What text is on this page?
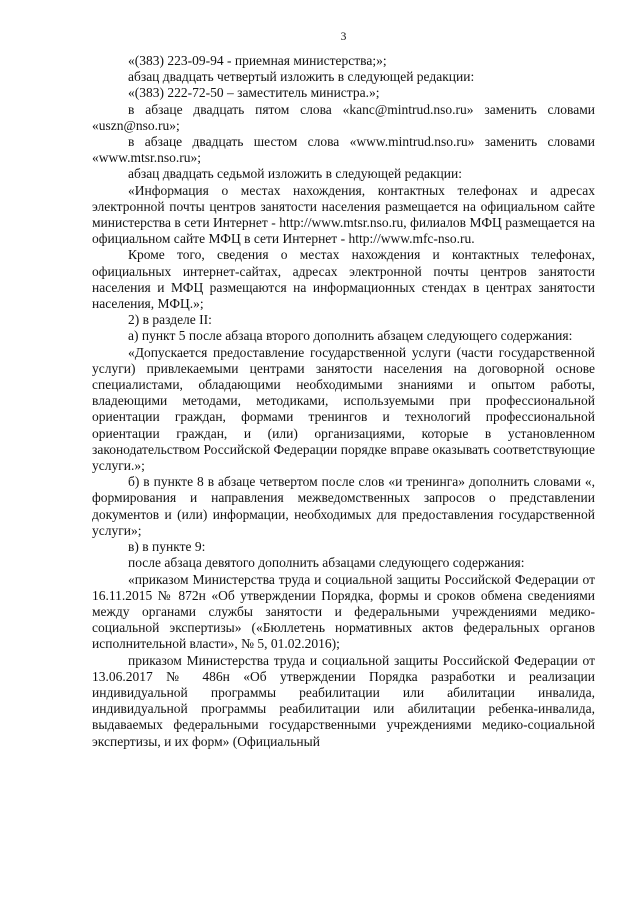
3

«(383) 223-09-94 - приемная министерства;»;

абзац двадцать четвертый изложить в следующей редакции:

«(383) 222-72-50 – заместитель министра.»;

в абзаце двадцать пятом слова «kanc@mintrud.nso.ru» заменить словами «uszn@nso.ru»;

в абзаце двадцать шестом слова «www.mintrud.nso.ru» заменить словами «www.mtsr.nso.ru»;

абзац двадцать седьмой изложить в следующей редакции:

«Информация о местах нахождения, контактных телефонах и адресах электронной почты центров занятости населения размещается на официальном сайте министерства в сети Интернет - http://www.mtsr.nso.ru, филиалов МФЦ размещается на официальном сайте МФЦ в сети Интернет - http://www.mfc-nso.ru.

Кроме того, сведения о местах нахождения и контактных телефонах, официальных интернет-сайтах, адресах электронной почты центров занятости населения и МФЦ размещаются на информационных стендах в центрах занятости населения, МФЦ.»;

2) в разделе II:

а) пункт 5 после абзаца второго дополнить абзацем следующего содержания:

«Допускается предоставление государственной услуги (части государственной услуги) привлекаемыми центрами занятости населения на договорной основе специалистами, обладающими необходимыми знаниями и опытом работы, владеющими методами, методиками, используемыми при профессиональной ориентации граждан, формами тренингов и технологий профессиональной ориентации граждан, и (или) организациями, которые в установленном законодательством Российской Федерации порядке вправе оказывать соответствующие услуги.»;

б) в пункте 8 в абзаце четвертом после слов «и тренинга» дополнить словами «, формирования и направления межведомственных запросов о представлении документов и (или) информации, необходимых для предоставления государственной услуги»;

в) в пункте 9:

после абзаца девятого дополнить абзацами следующего содержания:

«приказом Министерства труда и социальной защиты Российской Федерации от 16.11.2015 № 872н «Об утверждении Порядка, формы и сроков обмена сведениями между органами службы занятости и федеральными учреждениями медико-социальной экспертизы» («Бюллетень нормативных актов федеральных органов исполнительной власти», № 5, 01.02.2016);

приказом Министерства труда и социальной защиты Российской Федерации от 13.06.2017 № 486н «Об утверждении Порядка разработки и реализации индивидуальной программы реабилитации или абилитации инвалида, индивидуальной программы реабилитации или абилитации ребенка-инвалида, выдаваемых федеральными государственными учреждениями медико-социальной экспертизы, и их форм» (Официальный
